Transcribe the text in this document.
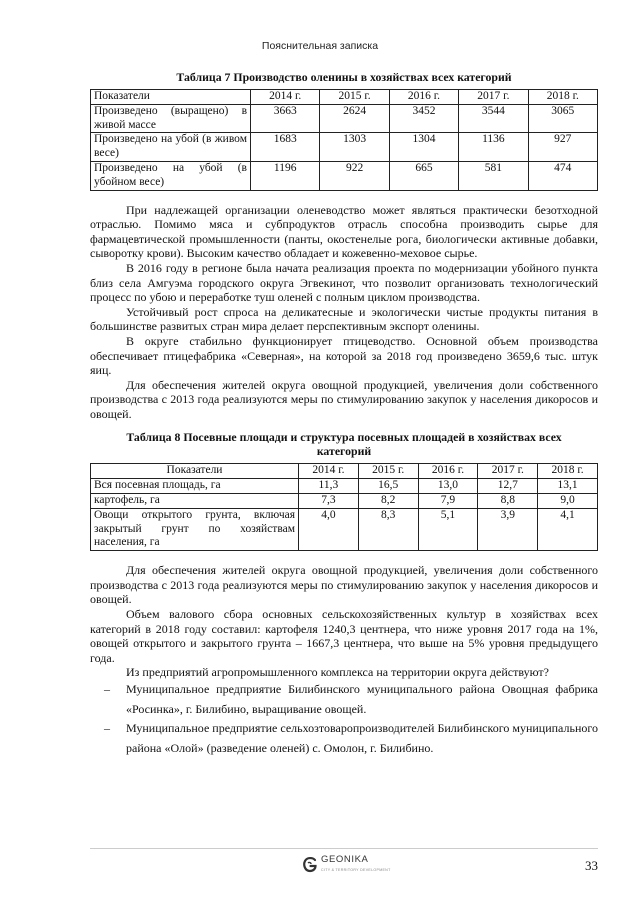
Пояснительная записка
Таблица 7 Производство оленины в хозяйствах всех категорий
Показатели	2014 г.	2015 г.	2016 г.	2017 г.	2018 г.
Произведено (выращено) в живой массе	3663	2624	3452	3544	3065
Произведено на убой (в живом весе)	1683	1303	1304	1136	927
Произведено на убой (в убойном весе)	1196	922	665	581	474

При надлежащей организации оленеводство может являться практически безотходной отраслью. Помимо мяса и субпродуктов отрасль способна производить сырье для фармацевтической промышленности (панты, окостенелые рога, биологически активные добавки, сыворотку крови). Высоким качество обладает и кожевенно-меховое сырье.

В 2016 году в регионе была начата реализация проекта по модернизации убойного пункта близ села Амгуэма городского округа Эгвекинот, что позволит организовать технологический процесс по убою и переработке туш оленей с полным циклом производства.

Устойчивый рост спроса на деликатесные и экологически чистые продукты питания в большинстве развитых стран мира делает перспективным экспорт оленины.

В округе стабильно функционирует птицеводство. Основной объем производства обеспечивает птицефабрика «Северная», на которой за 2018 год произведено 3659,6 тыс. штук яиц.

Для обеспечения жителей округа овощной продукцией, увеличения доли собственного производства с 2013 года реализуются меры по стимулированию закупок у населения дикоросов и овощей.

Таблица 8 Посевные площади и структура посевных площадей в хозяйствах всех категорий
Показатели	2014 г.	2015 г.	2016 г.	2017 г.	2018 г.
Вся посевная площадь, га	11,3	16,5	13,0	12,7	13,1
картофель, га	7,3	8,2	7,9	8,8	9,0
Овощи открытого грунта, включая закрытый грунт по хозяйствам населения, га	4,0	8,3	5,1	3,9	4,1

Для обеспечения жителей округа овощной продукцией, увеличения доли собственного производства с 2013 года реализуются меры по стимулированию закупок у населения дикоросов и овощей.

Объем валового сбора основных сельскохозяйственных культур в хозяйствах всех категорий в 2018 году составил: картофеля 1240,3 центнера, что ниже уровня 2017 года на 1%, овощей открытого и закрытого грунта – 1667,3 центнера, что выше на 5% уровня предыдущего года.

Из предприятий агропромышленного комплекса на территории округа действуют?

– Муниципальное предприятие Билибинского муниципального района Овощная фабрика «Росинка», г. Билибино, выращивание овощей.
– Муниципальное предприятие сельхозтоваропроизводителей Билибинского муниципального района «Олой» (разведение оленей) с. Омолон, г. Билибино.
GEONIKA
CITY & TERRITORY DEVELOPMENT	33
